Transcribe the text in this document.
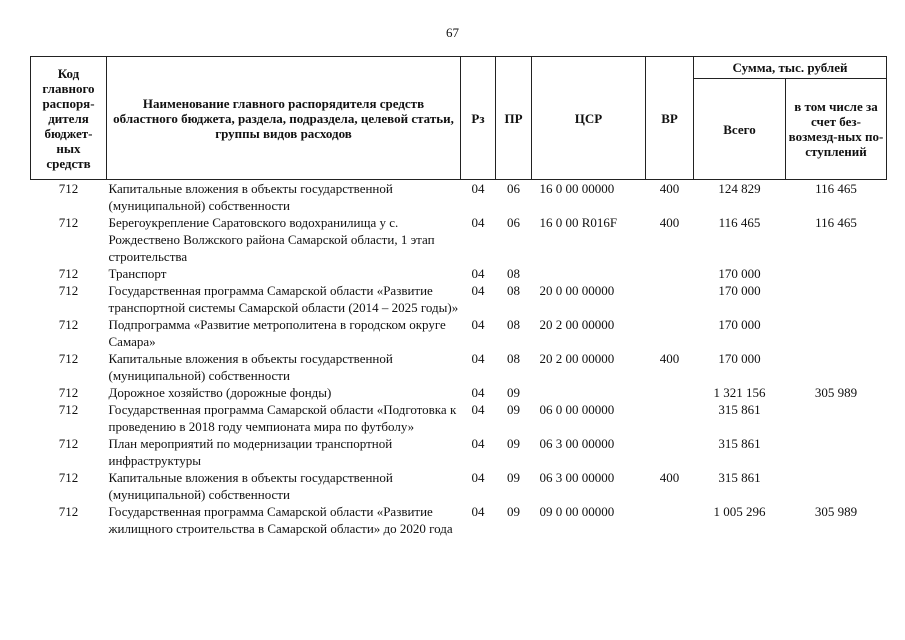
67
Код главного распоря-дителя бюджет-ных средств	Наименование главного распорядителя средств областного бюджета, раздела, подраздела, целевой статьи, группы видов расходов	Рз	ПР	ЦСР	ВР	Сумма, тыс. рублей	
						Всего	в том числе за счет без-возмезд-ных по-ступлений
712	Капитальные вложения в объекты государственной (муниципальной) собственности	04	06	16 0 00 00000	400	124 829	116 465
712	Берегоукрепление Саратовского водохранилища у с. Рождествено Волжского района Самарской области, 1 этап строительства	04	06	16 0 00 R016F	400	116 465	116 465
712	Транспорт	04	08			170 000	
712	Государственная программа Самарской области «Развитие транспортной системы Самарской области (2014 – 2025 годы)»	04	08	20 0 00 00000		170 000	
712	Подпрограмма «Развитие метрополитена в городском округе Самара»	04	08	20 2 00 00000		170 000	
712	Капитальные вложения в объекты государственной (муниципальной) собственности	04	08	20 2 00 00000	400	170 000	
712	Дорожное хозяйство (дорожные фонды)	04	09			1 321 156	305 989
712	Государственная программа Самарской области «Подготовка к проведению в 2018 году чемпионата мира по футболу»	04	09	06 0 00 00000		315 861	
712	План мероприятий по модернизации транспортной инфраструктуры	04	09	06 3 00 00000		315 861	
712	Капитальные вложения в объекты государственной (муниципальной) собственности	04	09	06 3 00 00000	400	315 861	
712	Государственная программа Самарской области «Развитие жилищного строительства в Самарской области» до 2020 года	04	09	09 0 00 00000		1 005 296	305 989
